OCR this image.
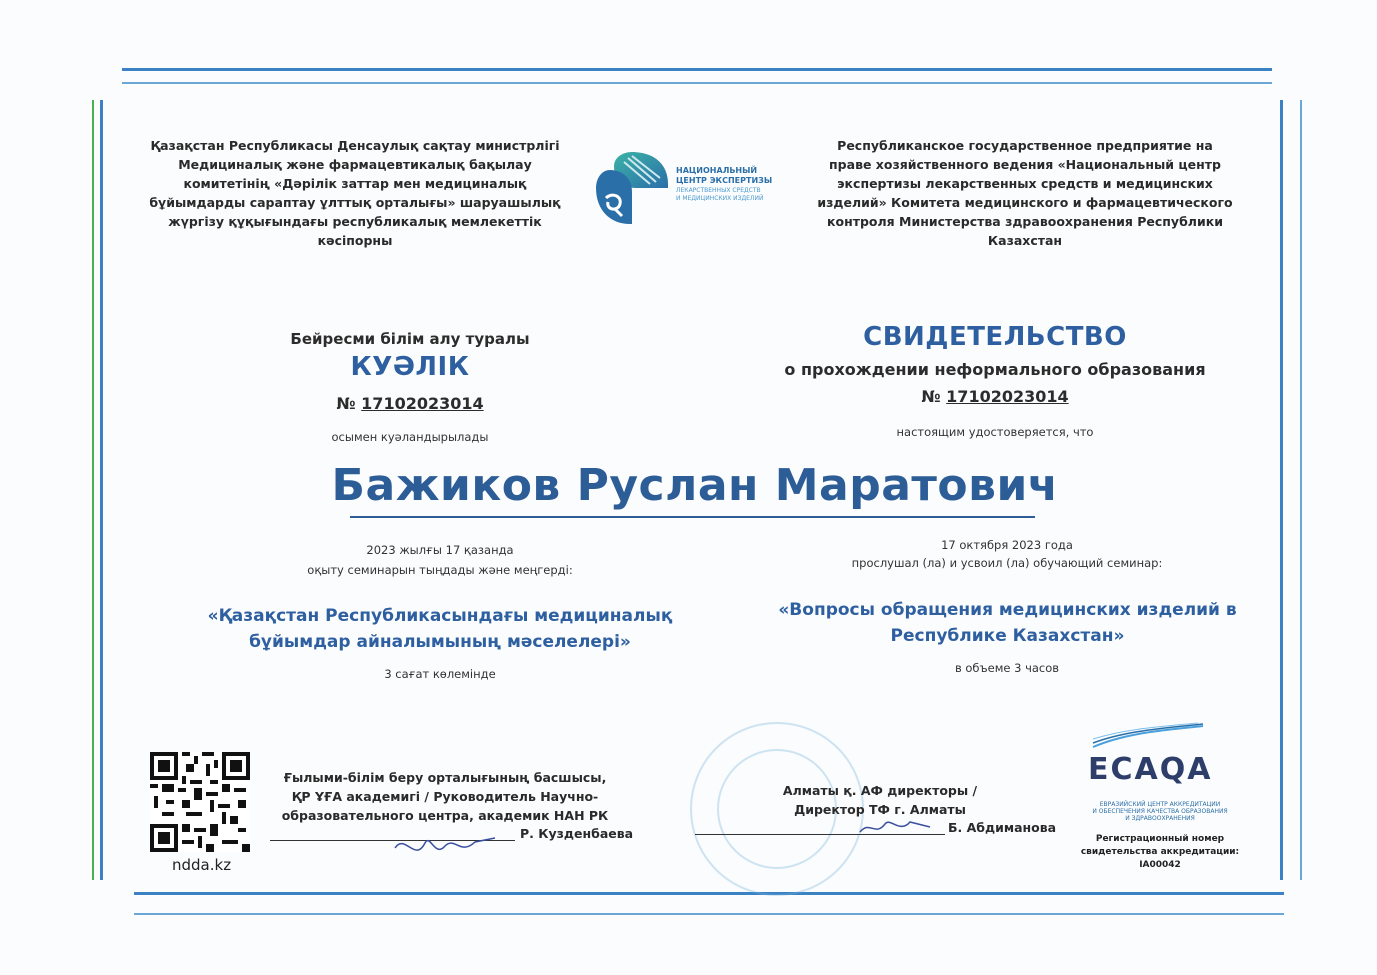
Қазақстан Республикасы Денсаулық сақтау министрлігі Медициналық және фармацевтикалық бақылау комитетінің «Дәрілік заттар мен медициналық бұйымдарды сараптау ұлттық орталығы» шаруашылық жүргізу құқығындағы республикалық мемлекеттік кәсіпорны
НАЦИОНАЛЬНЫЙ
ЦЕНТР ЭКСПЕРТИЗЫ
ЛЕКАРСТВЕННЫХ СРЕДСТВ
И МЕДИЦИНСКИХ ИЗДЕЛИЙ
Республиканское государственное предприятие на праве хозяйственного ведения «Национальный центр экспертизы лекарственных средств и медицинских изделий» Комитета медицинского и фармацевтического контроля Министерства здравоохранения Республики Казахстан
Бейресми білім алу туралы
КУӘЛІК
№ 17102023014
осымен куәландырылады
СВИДЕТЕЛЬСТВО
о прохождении неформального образования
№ 17102023014
настоящим удостоверяется, что
Бажиков Руслан Маратович
2023 жылғы 17 қазанда
оқыту семинарын тыңдады және меңгерді:
«Қазақстан Республикасындағы медициналық бұйымдар айналымының мәселелері»
3 сағат көлемінде
17 октября 2023 года
прослушал (ла) и усвоил (ла) обучающий семинар:
«Вопросы обращения медицинских изделий в Республике Казахстан»
в объеме 3 часов
ndda.kz
Ғылыми-білім беру орталығының басшысы, ҚР ҰҒА академигі / Руководитель Научно-образовательного центра, академик НАН РК
Р. Кузденбаева
Алматы қ. АФ директоры / Директор ТФ г. Алматы
Б. Абдиманова
ECAQA
ЕВРАЗИЙСКИЙ ЦЕНТР АККРЕДИТАЦИИ
И ОБЕСПЕЧЕНИЯ КАЧЕСТВА ОБРАЗОВАНИЯ
И ЗДРАВООХРАНЕНИЯ
Регистрационный номер
свидетельства аккредитации:
IA00042
